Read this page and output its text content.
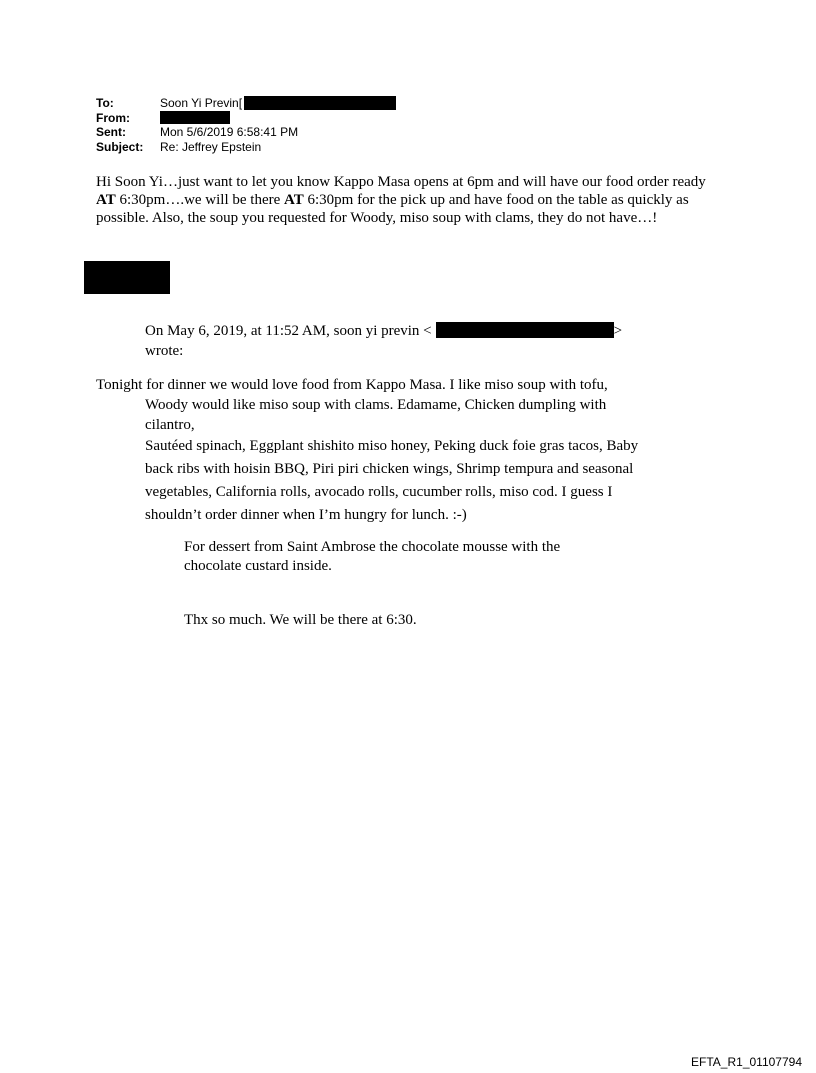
To:	Soon Yi Previn[
From:
Sent:	Mon 5/6/2019 6:58:41 PM
Subject:	Re: Jeffrey Epstein

Hi Soon Yi…just want to let you know Kappo Masa opens at 6pm and will have our food order ready AT 6:30pm….we will be there AT 6:30pm for the pick up and have food on the table as quickly as possible. Also, the soup you requested for Woody, miso soup with clams, they do not have…!

On May 6, 2019, at 11:52 AM, soon yi previn <	>
wrote:

Tonight for dinner we would love food from Kappo Masa. I like miso soup with tofu,
Woody would like miso soup with clams. Edamame, Chicken dumpling with
cilantro,
Sautéed spinach, Eggplant shishito miso honey, Peking duck foie gras tacos, Baby
back ribs with hoisin BBQ, Piri piri chicken wings, Shrimp tempura and seasonal
vegetables, California rolls, avocado rolls, cucumber rolls, miso cod. I guess I
shouldn’t order dinner when I’m hungry for lunch. :-)

For dessert from Saint Ambrose the chocolate mousse with the
chocolate custard inside.

Thx so much. We will be there at 6:30.

EFTA_R1_01107794
